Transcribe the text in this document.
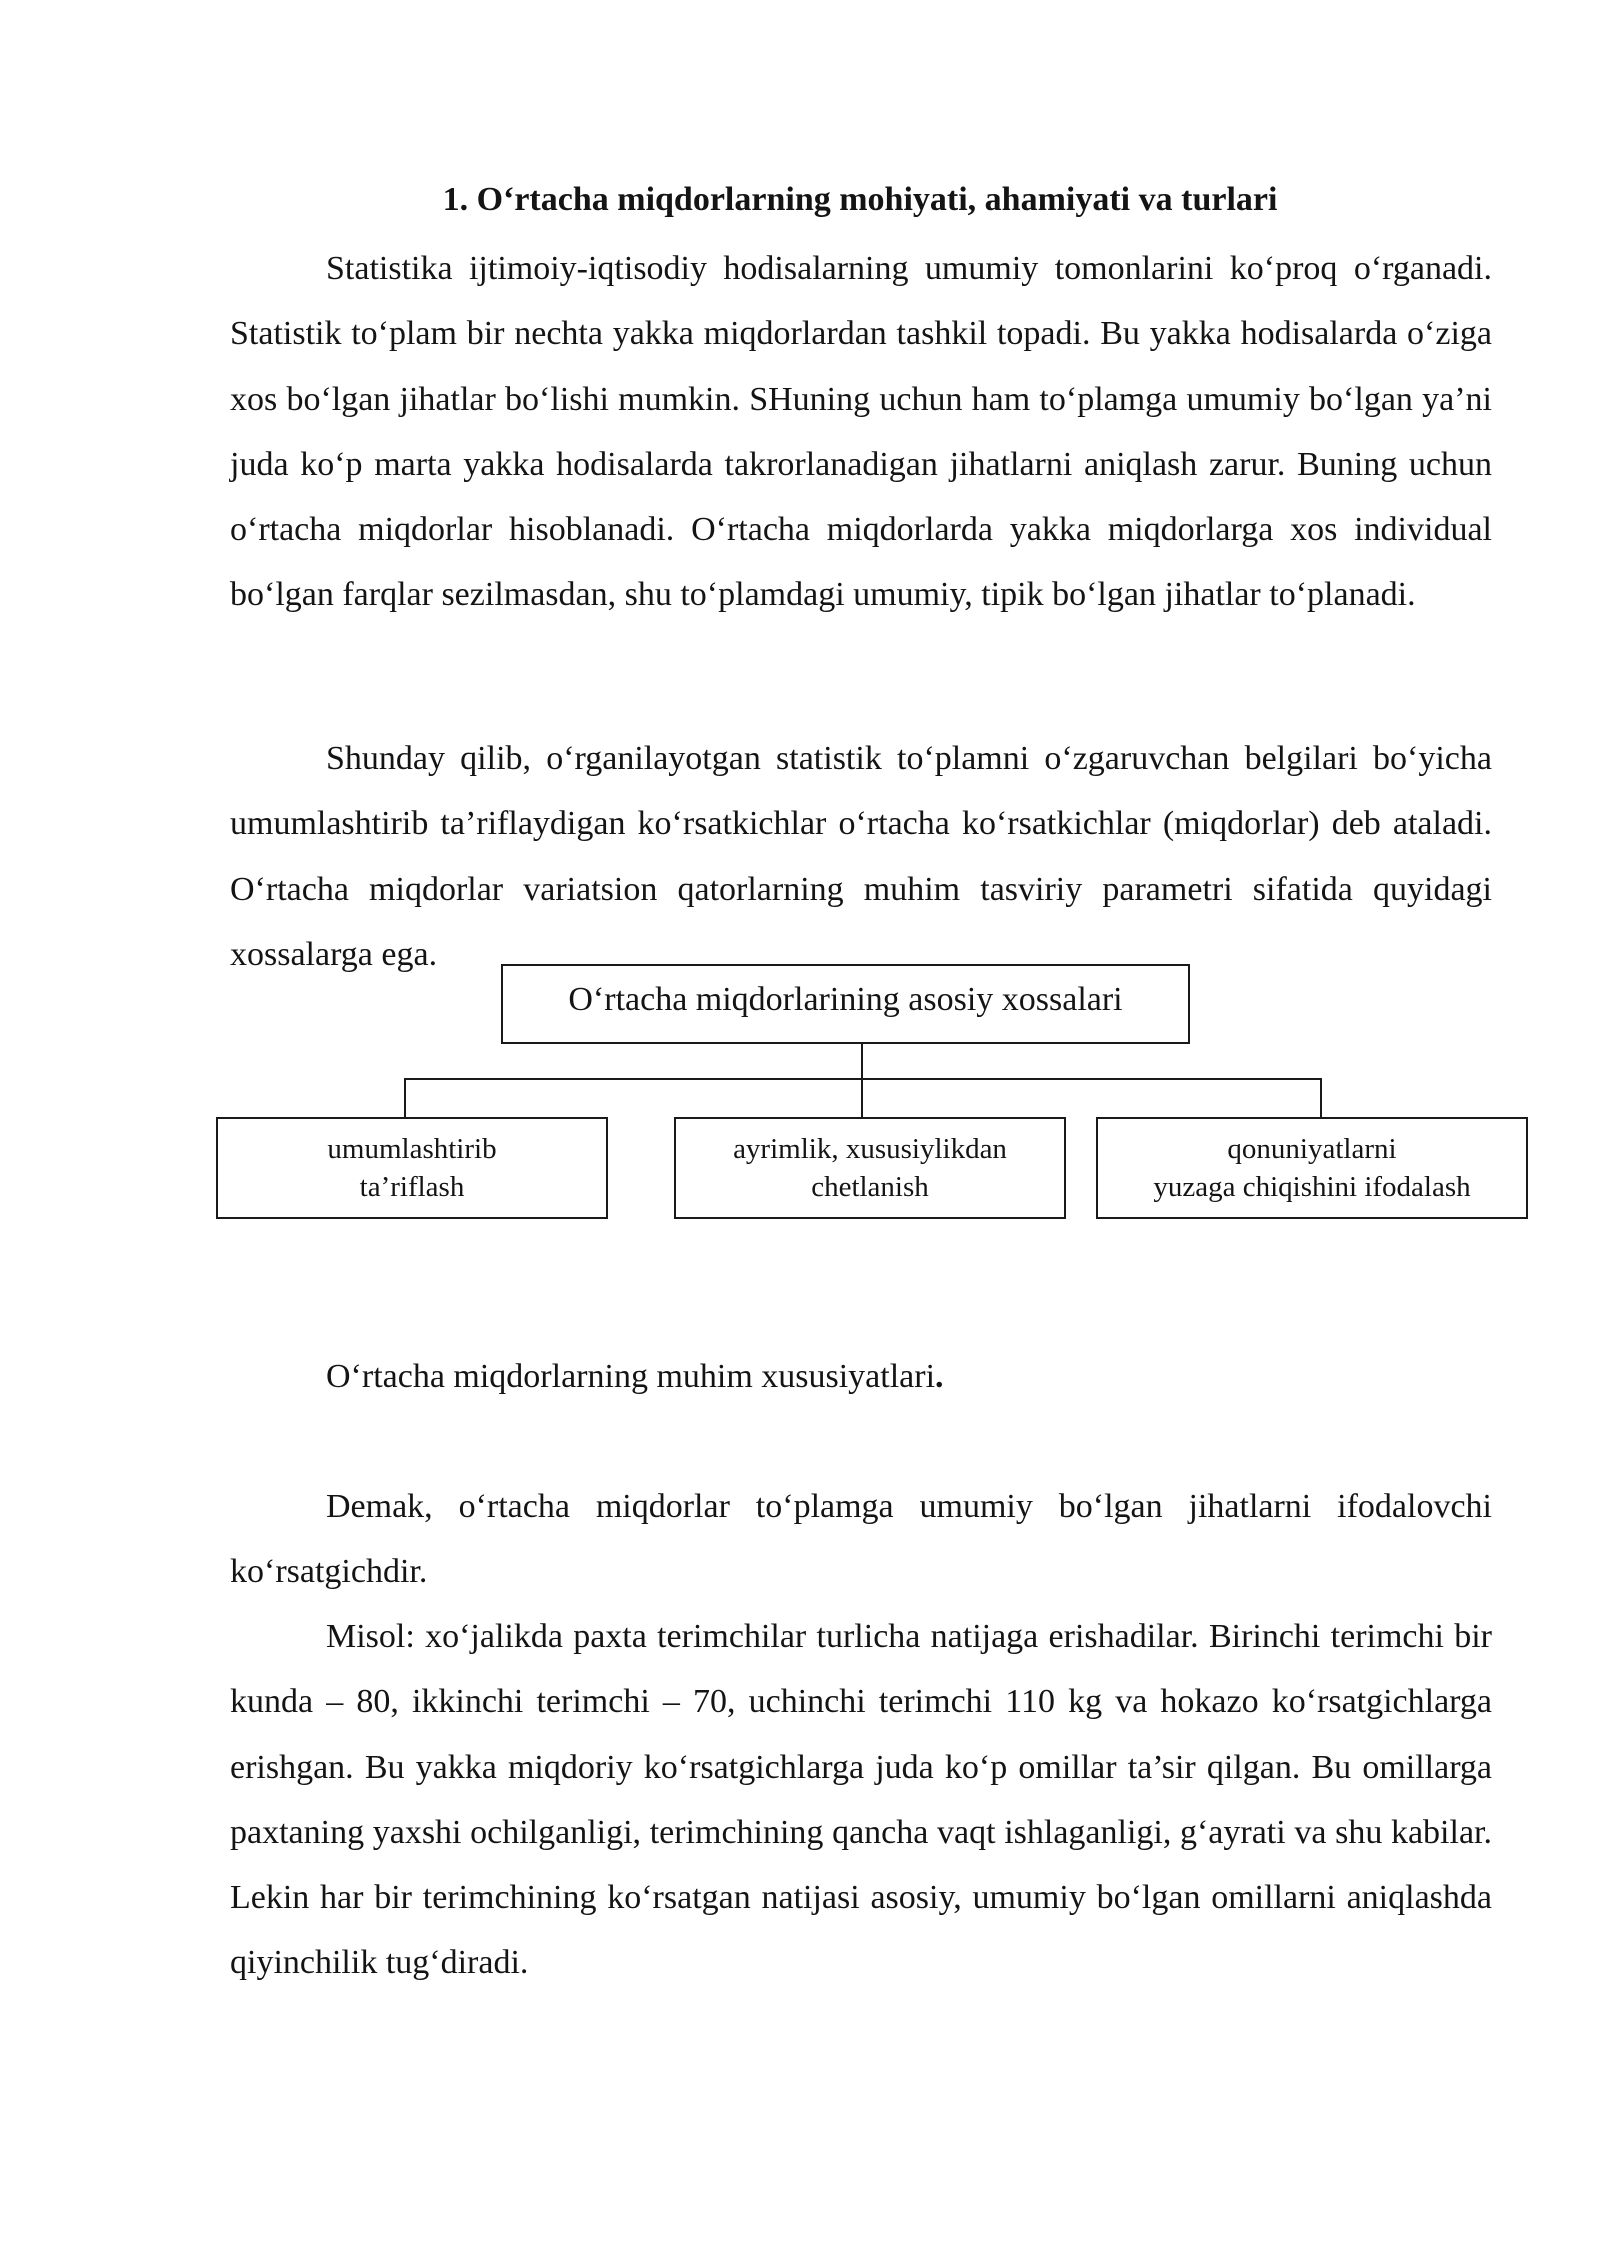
1. O‘rtacha miqdorlarning mohiyati, ahamiyati va turlari

Statistika ijtimoiy-iqtisodiy hodisalarning umumiy tomonlarini ko‘proq o‘rganadi. Statistik to‘plam bir nechta yakka miqdorlardan tashkil topadi. Bu yakka hodisalarda o‘ziga xos bo‘lgan jihatlar bo‘lishi mumkin. SHuning uchun ham to‘plamga umumiy bo‘lgan ya’ni juda ko‘p marta yakka hodisalarda takrorlanadigan jihatlarni aniqlash zarur. Buning uchun o‘rtacha miqdorlar hisoblanadi. O‘rtacha miqdorlarda yakka miqdorlarga xos individual bo‘lgan farqlar sezilmasdan, shu to‘plamdagi umumiy, tipik bo‘lgan jihatlar to‘planadi.

Shunday qilib, o‘rganilayotgan statistik to‘plamni o‘zgaruvchan belgilari bo‘yicha umumlashtirib ta’riflaydigan ko‘rsatkichlar o‘rtacha ko‘rsatkichlar (miqdorlar) deb ataladi. O‘rtacha miqdorlar variatsion qatorlarning muhim tasviriy parametri sifatida quyidagi xossalarga ega.

O‘rtacha miqdorlarining asosiy xossalari
umumlashtirib
ta’riflash
ayrimlik, xususiylikdan
chetlanish
qonuniyatlarni
yuzaga chiqishini ifodalash

O‘rtacha miqdorlarning muhim xususiyatlari.

Demak, o‘rtacha miqdorlar to‘plamga umumiy bo‘lgan jihatlarni ifodalovchi ko‘rsatgichdir.

Misol: xo‘jalikda paxta terimchilar turlicha natijaga erishadilar. Birinchi terimchi bir kunda – 80, ikkinchi terimchi – 70, uchinchi terimchi 110 kg va hokazo ko‘rsatgichlarga erishgan. Bu yakka miqdoriy ko‘rsatgichlarga juda ko‘p omillar ta’sir qilgan. Bu omillarga paxtaning yaxshi ochilganligi, terimchining qancha vaqt ishlaganligi, g‘ayrati va shu kabilar. Lekin har bir terimchining ko‘rsatgan natijasi asosiy, umumiy bo‘lgan omillarni aniqlashda qiyinchilik tug‘diradi.
